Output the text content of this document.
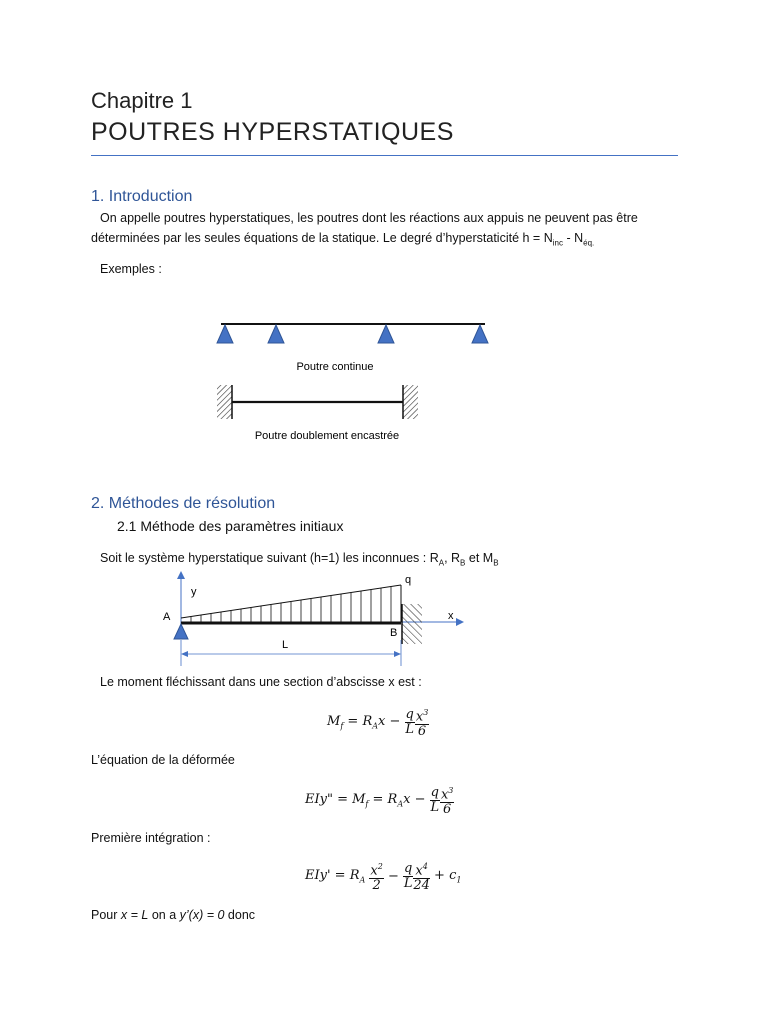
Chapitre 1
POUTRES HYPERSTATIQUES
1. Introduction
On appelle poutres hyperstatiques, les poutres dont les réactions aux appuis ne peuvent pas être déterminées par les seules équations de la statique. Le degré d’hyperstaticité $h = N_{inc} - N_{éq.}$
Exemples :
Poutre continue
Poutre doublement encastrée
2. Méthodes de résolution
2.1 Méthode des paramètres initiaux
Soit le système hyperstatique suivant (h=1) les inconnues : $R_A$, $R_B$ et $M_B$
q
y
x
A
B
L
Le moment fléchissant dans une section d’abscisse x est :
$M_f = R_Ax - \frac{q}{L} \frac{x^3}{6}$
L’équation de la déformée
EIy" = $M_f = R_Ax - \frac{q}{L} \frac{x^3}{6}$
Première intégration :
$EIy' = R_A \frac{x^2}{2} - \frac{q}{L} \frac{x^4}{24} + c_1$
Pour x = L on a y’(x) = 0 donc
